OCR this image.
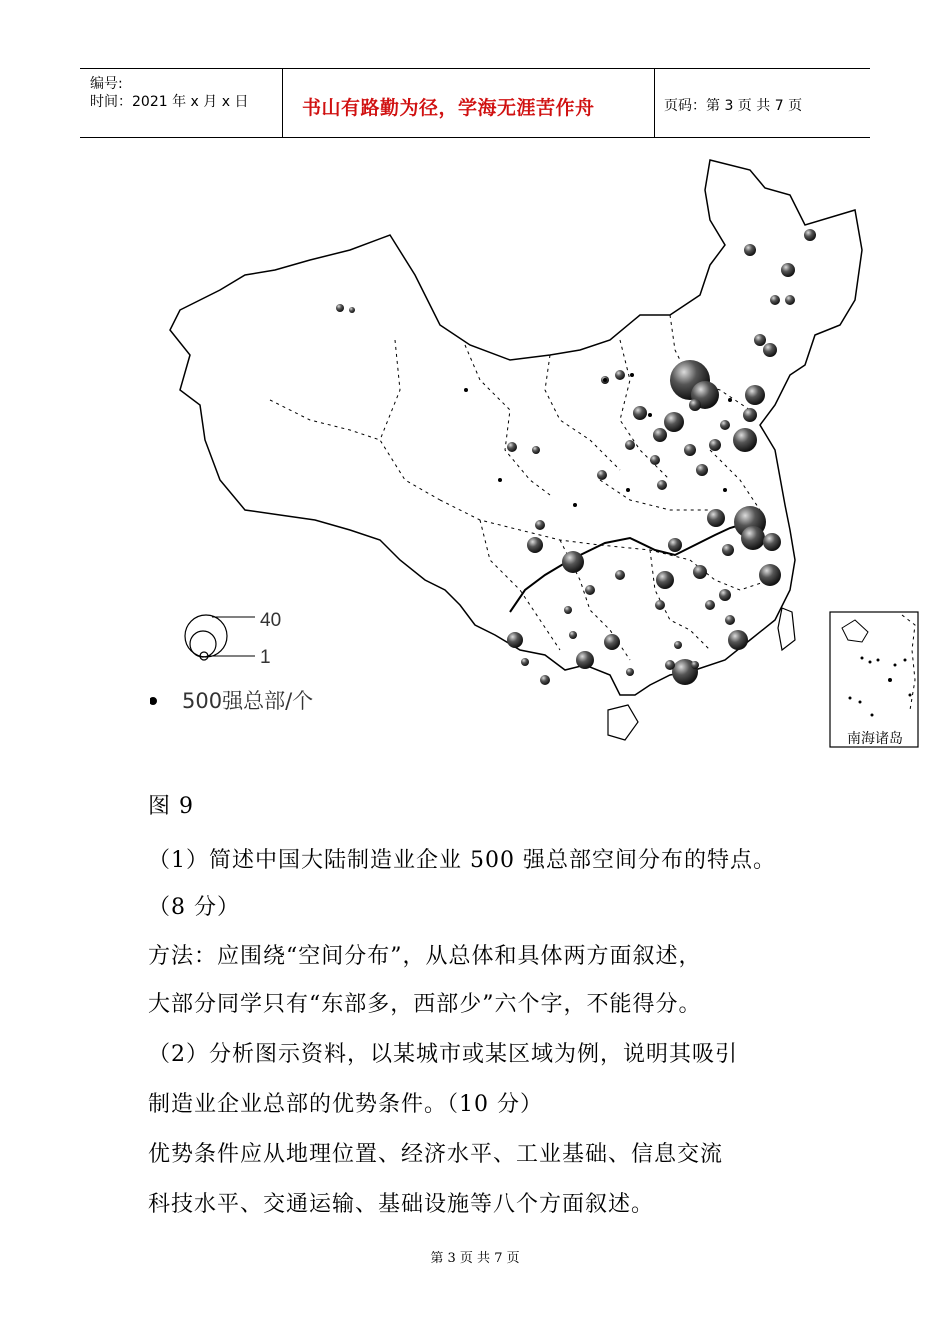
编号:
时间：2021 年 x 月 x 日	书山有路勤为径，学海无涯苦作舟	页码：第 3 页 共 7 页
40
1
500强总部/个
南海诸岛
图 9
（1）简述中国大陆制造业企业 500 强总部空间分布的特点。
（8 分）
方法：应围绕“空间分布”，从总体和具体两方面叙述，
大部分同学只有“东部多，西部少”六个字，不能得分。
（2）分析图示资料，以某城市或某区域为例，说明其吸引
制造业企业总部的优势条件。（10 分）
优势条件应从地理位置、经济水平、工业基础、信息交流
科技水平、交通运输、基础设施等八个方面叙述。
第 3 页 共 7 页
